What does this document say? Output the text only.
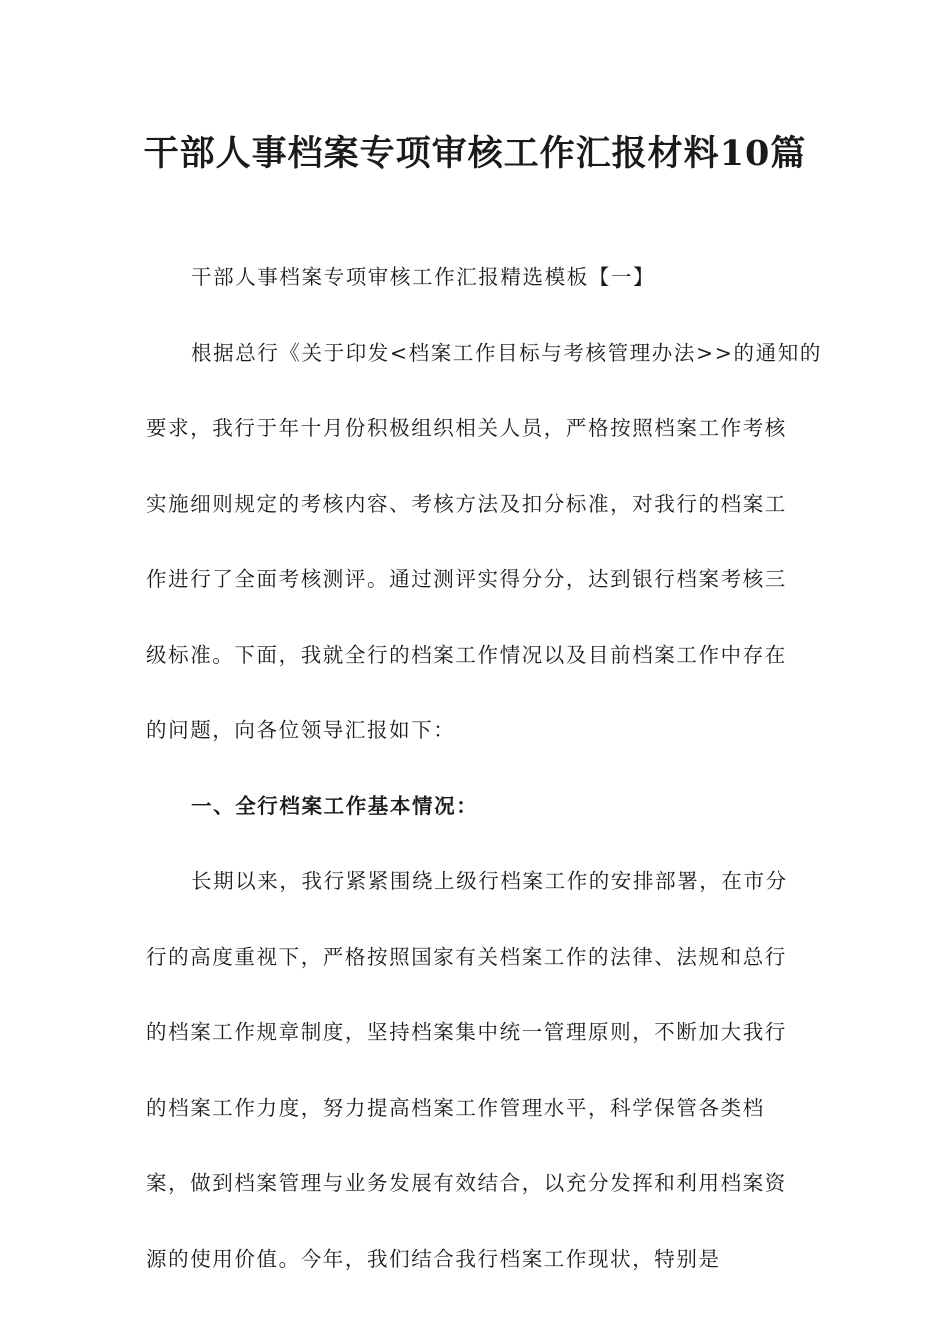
干部人事档案专项审核工作汇报材料10篇
干部人事档案专项审核工作汇报精选模板【一】
根据总行《关于印发<档案工作目标与考核管理办法>>的通知的
要求，我行于年十月份积极组织相关人员，严格按照档案工作考核
实施细则规定的考核内容、考核方法及扣分标准，对我行的档案工
作进行了全面考核测评。通过测评实得分分，达到银行档案考核三
级标准。下面，我就全行的档案工作情况以及目前档案工作中存在
的问题，向各位领导汇报如下：
一、全行档案工作基本情况：
长期以来，我行紧紧围绕上级行档案工作的安排部署，在市分
行的高度重视下，严格按照国家有关档案工作的法律、法规和总行
的档案工作规章制度，坚持档案集中统一管理原则，不断加大我行
的档案工作力度，努力提高档案工作管理水平，科学保管各类档
案，做到档案管理与业务发展有效结合，以充分发挥和利用档案资
源的使用价值。今年，我们结合我行档案工作现状，特别是
